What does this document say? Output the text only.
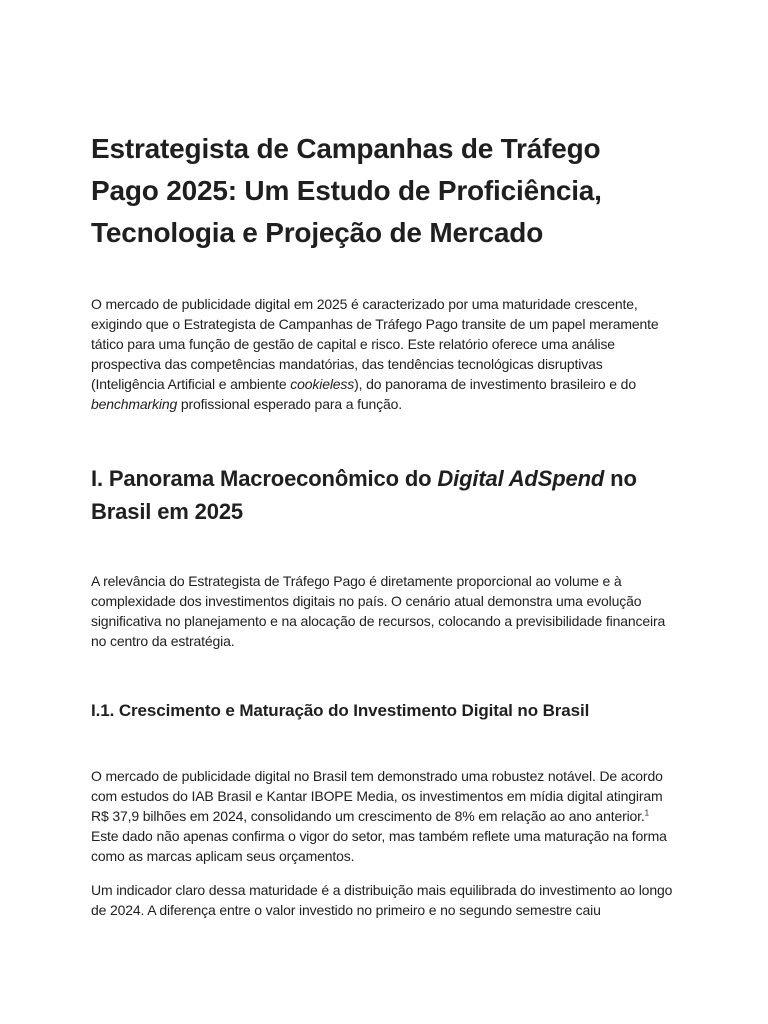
Estrategista de Campanhas de Tráfego
Pago 2025: Um Estudo de Proficiência,
Tecnologia e Projeção de Mercado

O mercado de publicidade digital em 2025 é caracterizado por uma maturidade crescente, exigindo que o Estrategista de Campanhas de Tráfego Pago transite de um papel meramente tático para uma função de gestão de capital e risco. Este relatório oferece uma análise prospectiva das competências mandatórias, das tendências tecnológicas disruptivas (Inteligência Artificial e ambiente cookieless), do panorama de investimento brasileiro e do benchmarking profissional esperado para a função.

I. Panorama Macroeconômico do Digital AdSpend no
Brasil em 2025

A relevância do Estrategista de Tráfego Pago é diretamente proporcional ao volume e à complexidade dos investimentos digitais no país. O cenário atual demonstra uma evolução significativa no planejamento e na alocação de recursos, colocando a previsibilidade financeira no centro da estratégia.

I.1. Crescimento e Maturação do Investimento Digital no Brasil

O mercado de publicidade digital no Brasil tem demonstrado uma robustez notável. De acordo com estudos do IAB Brasil e Kantar IBOPE Media, os investimentos em mídia digital atingiram R$ 37,9 bilhões em 2024, consolidando um crescimento de 8% em relação ao ano anterior.$^1$ Este dado não apenas confirma o vigor do setor, mas também reflete uma maturação na forma como as marcas aplicam seus orçamentos.

Um indicador claro dessa maturidade é a distribuição mais equilibrada do investimento ao longo de 2024. A diferença entre o valor investido no primeiro e no segundo semestre caiu
